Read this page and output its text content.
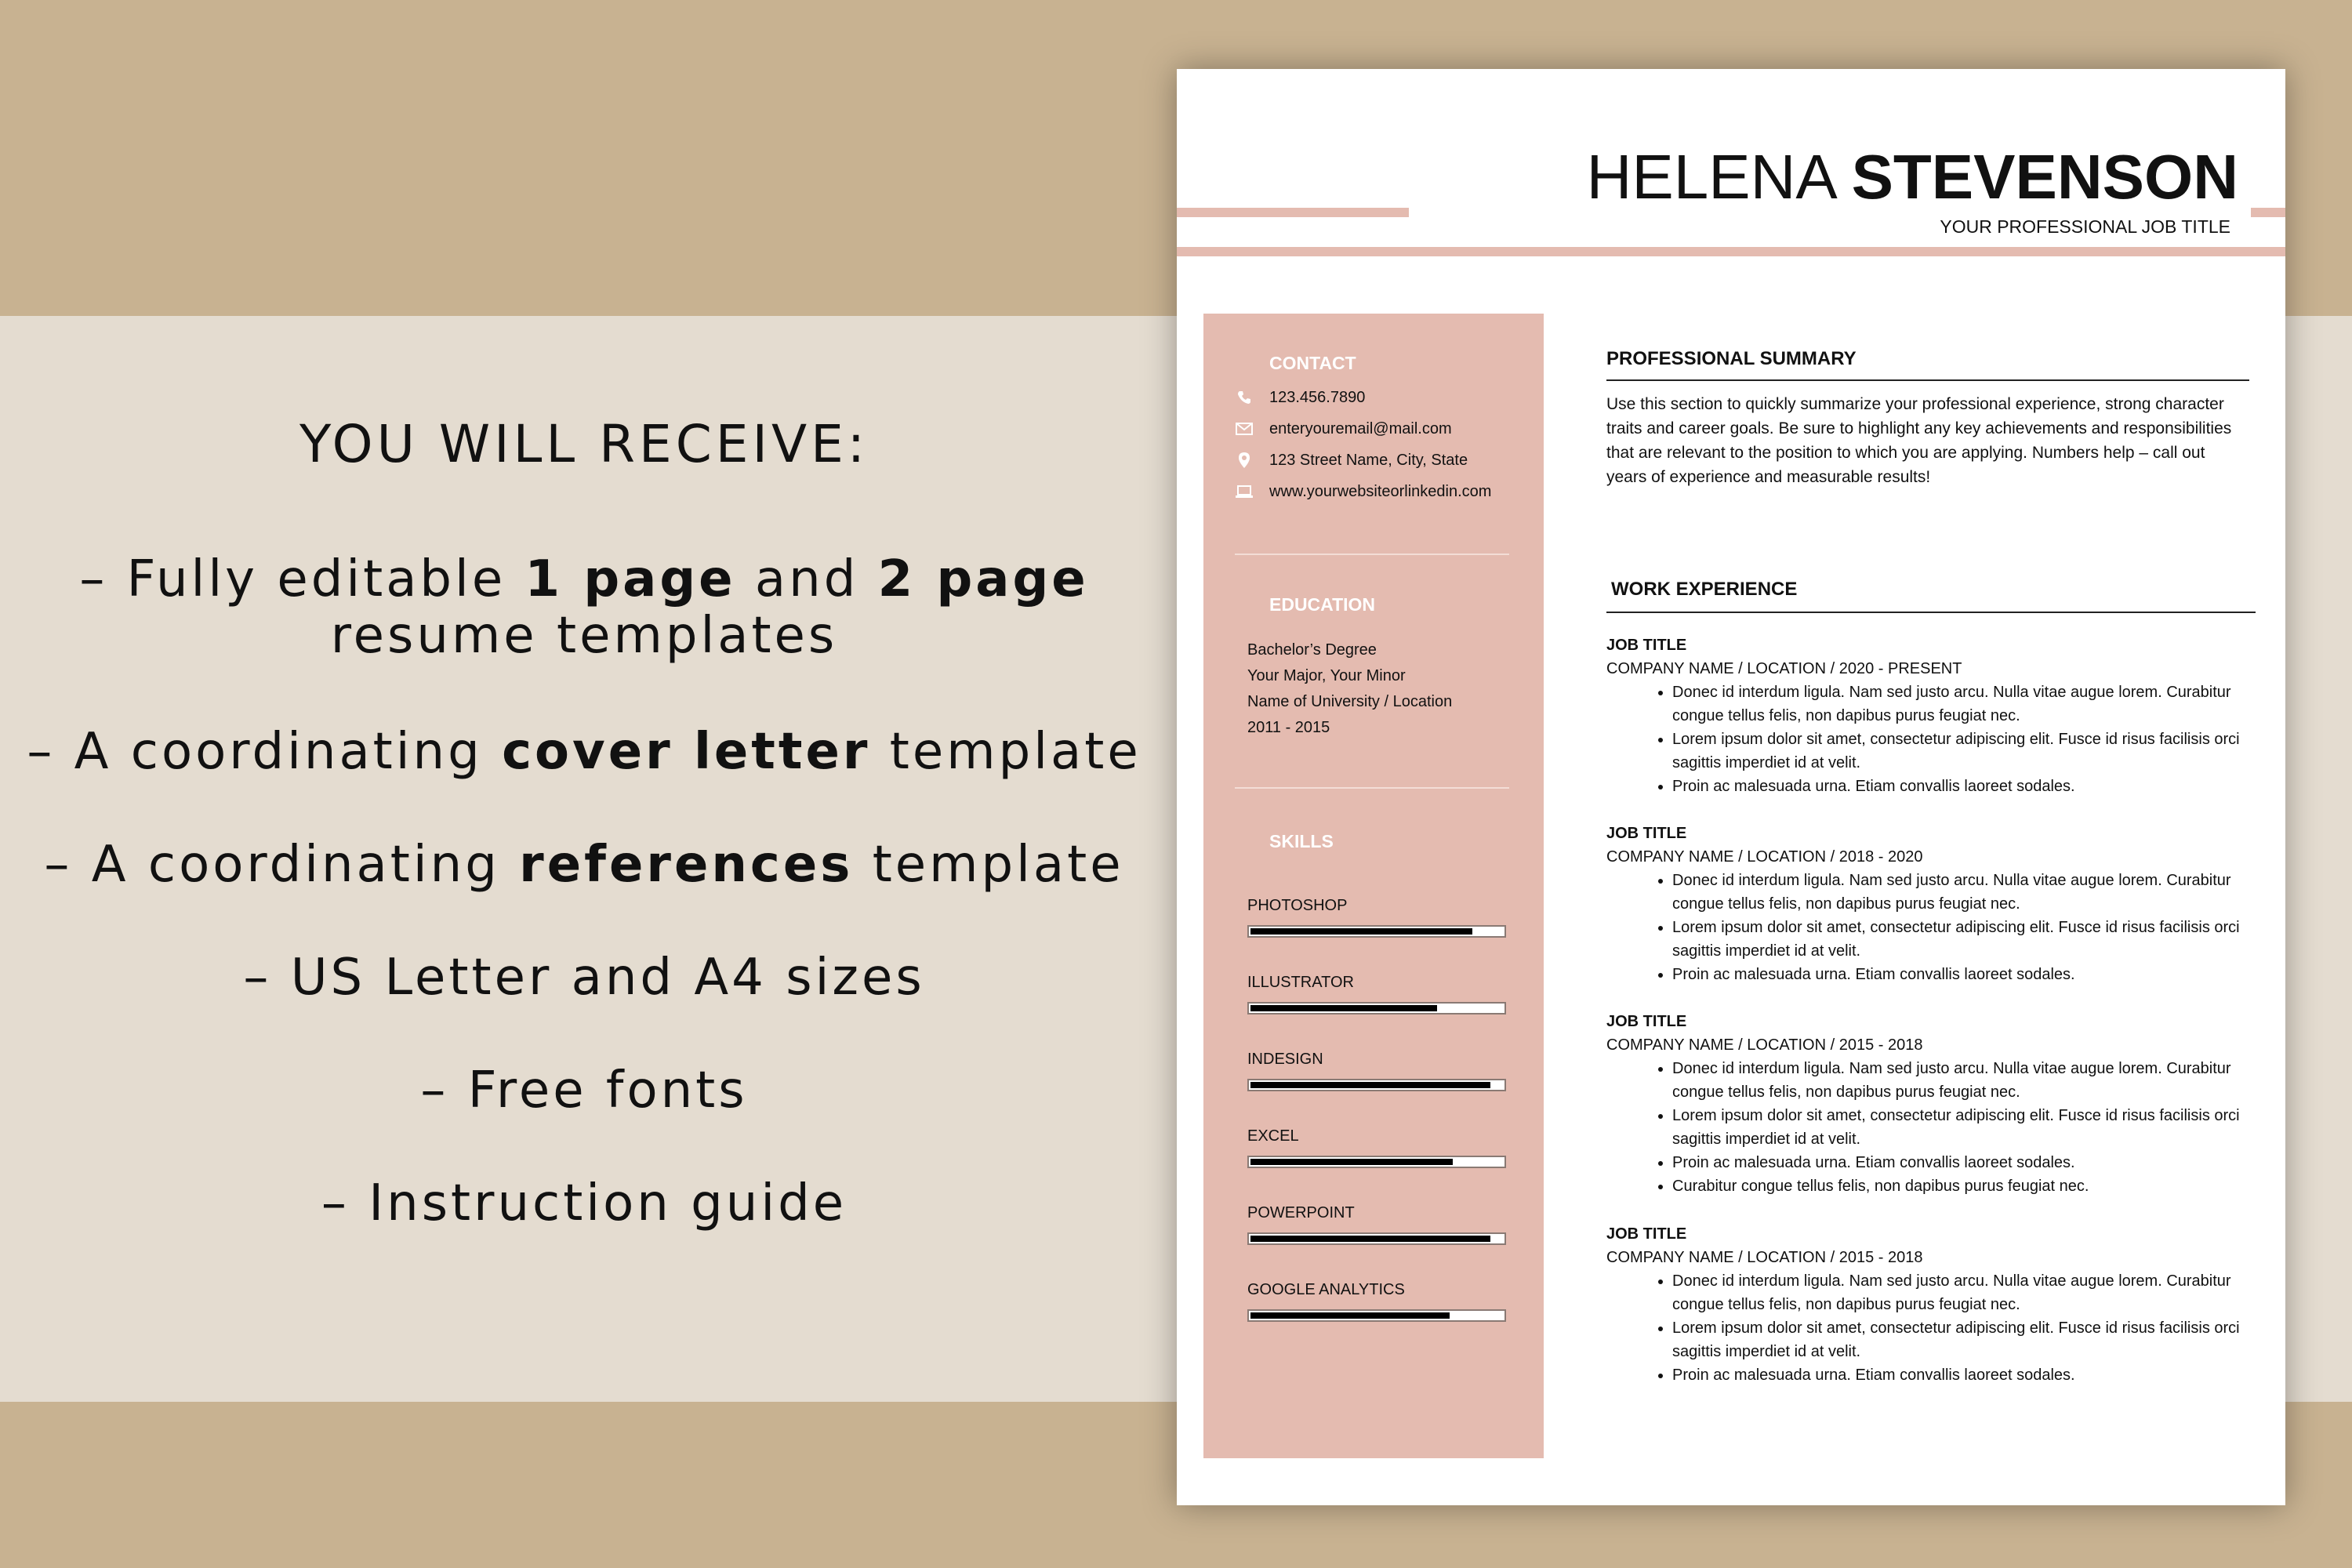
YOU WILL RECEIVE:
– Fully editable 1 page and 2 page
resume templates
– A coordinating cover letter template
– A coordinating references template
– US Letter and A4 sizes
– Free fonts
– Instruction guide
HELENA STEVENSON
YOUR PROFESSIONAL JOB TITLE
CONTACT
123.456.7890
enteryouremail@mail.com
123 Street Name, City, State
www.yourwebsiteorlinkedin.com
EDUCATION
Bachelor’s Degree
Your Major, Your Minor
Name of University / Location
2011 - 2015
SKILLS
PHOTOSHOP
ILLUSTRATOR
INDESIGN
EXCEL
POWERPOINT
GOOGLE ANALYTICS
PROFESSIONAL SUMMARY
Use this section to quickly summarize your professional experience, strong character traits and career goals. Be sure to highlight any key achievements and responsibilities that are relevant to the position to which you are applying. Numbers help – call out years of experience and measurable results!
WORK EXPERIENCE
JOB TITLE
COMPANY NAME / LOCATION / 2020 - PRESENT
• Donec id interdum ligula. Nam sed justo arcu. Nulla vitae augue lorem. Curabitur congue tellus felis, non dapibus purus feugiat nec.
• Lorem ipsum dolor sit amet, consectetur adipiscing elit. Fusce id risus facilisis orci sagittis imperdiet id at velit.
• Proin ac malesuada urna. Etiam convallis laoreet sodales.
JOB TITLE
COMPANY NAME / LOCATION / 2018 - 2020
• Donec id interdum ligula. Nam sed justo arcu. Nulla vitae augue lorem. Curabitur congue tellus felis, non dapibus purus feugiat nec.
• Lorem ipsum dolor sit amet, consectetur adipiscing elit. Fusce id risus facilisis orci sagittis imperdiet id at velit.
• Proin ac malesuada urna. Etiam convallis laoreet sodales.
JOB TITLE
COMPANY NAME / LOCATION / 2015 - 2018
• Donec id interdum ligula. Nam sed justo arcu. Nulla vitae augue lorem. Curabitur congue tellus felis, non dapibus purus feugiat nec.
• Lorem ipsum dolor sit amet, consectetur adipiscing elit. Fusce id risus facilisis orci sagittis imperdiet id at velit.
• Proin ac malesuada urna. Etiam convallis laoreet sodales.
• Curabitur congue tellus felis, non dapibus purus feugiat nec.
JOB TITLE
COMPANY NAME / LOCATION / 2015 - 2018
• Donec id interdum ligula. Nam sed justo arcu. Nulla vitae augue lorem. Curabitur congue tellus felis, non dapibus purus feugiat nec.
• Lorem ipsum dolor sit amet, consectetur adipiscing elit. Fusce id risus facilisis orci sagittis imperdiet id at velit.
• Proin ac malesuada urna. Etiam convallis laoreet sodales.
